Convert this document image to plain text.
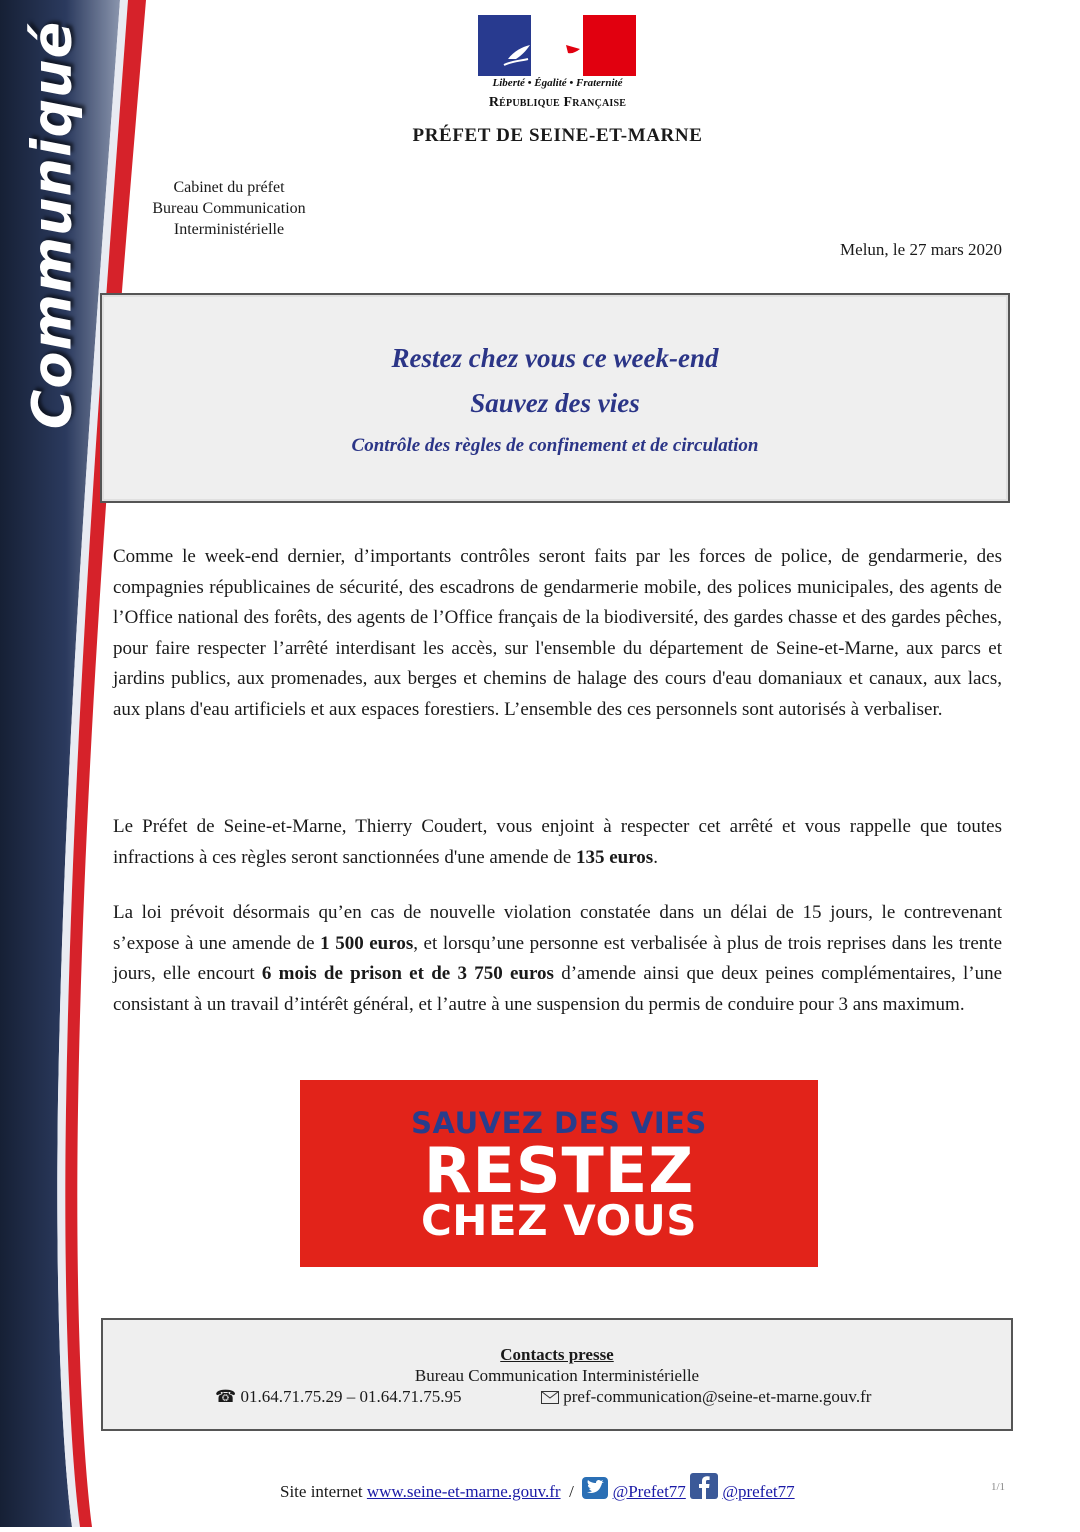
Communiqué	Liberté • Égalité • Fraternité
République Française
PRÉFET DE SEINE-ET-MARNE
Cabinet du préfet
Bureau Communication
Interministérielle
Melun, le 27 mars 2020
Restez chez vous ce week-end
Sauvez des vies
Contrôle des règles de confinement et de circulation

Comme le week-end dernier, d’importants contrôles seront faits par les forces de police, de gendarmerie, des compagnies républicaines de sécurité, des escadrons de gendarmerie mobile, des polices municipales, des agents de l’Office national des forêts, des agents de l’Office français de la biodiversité, des gardes chasse et des gardes pêches, pour faire respecter l’arrêté interdisant les accès, sur l'ensemble du département de Seine-et-Marne, aux parcs et jardins publics, aux promenades, aux berges et chemins de halage des cours d'eau domaniaux et canaux, aux lacs, aux plans d'eau artificiels et aux espaces forestiers. L’ensemble des ces personnels sont autorisés à verbaliser.

Le Préfet de Seine-et-Marne, Thierry Coudert, vous enjoint à respecter cet arrêté et vous rappelle que toutes infractions à ces règles seront sanctionnées d'une amende de 135 euros.

La loi prévoit désormais qu’en cas de nouvelle violation constatée dans un délai de 15 jours, le contrevenant s’expose à une amende de 1 500 euros, et lorsqu’une personne est verbalisée à plus de trois reprises dans les trente jours, elle encourt 6 mois de prison et de 3 750 euros d’amende ainsi que deux peines complémentaires, l’une consistant à un travail d’intérêt général, et l’autre à une suspension du permis de conduire pour 3 ans maximum.

SAUVEZ DES VIES
RESTEZ
CHEZ VOUS
Contacts presse
Bureau Communication Interministérielle
☎ 01.64.71.75.29 – 01.64.71.75.95	pref-communication@seine-et-marne.gouv.fr
Site internet www.seine-et-marne.gouv.fr / @Prefet77 @prefet77	1/1
